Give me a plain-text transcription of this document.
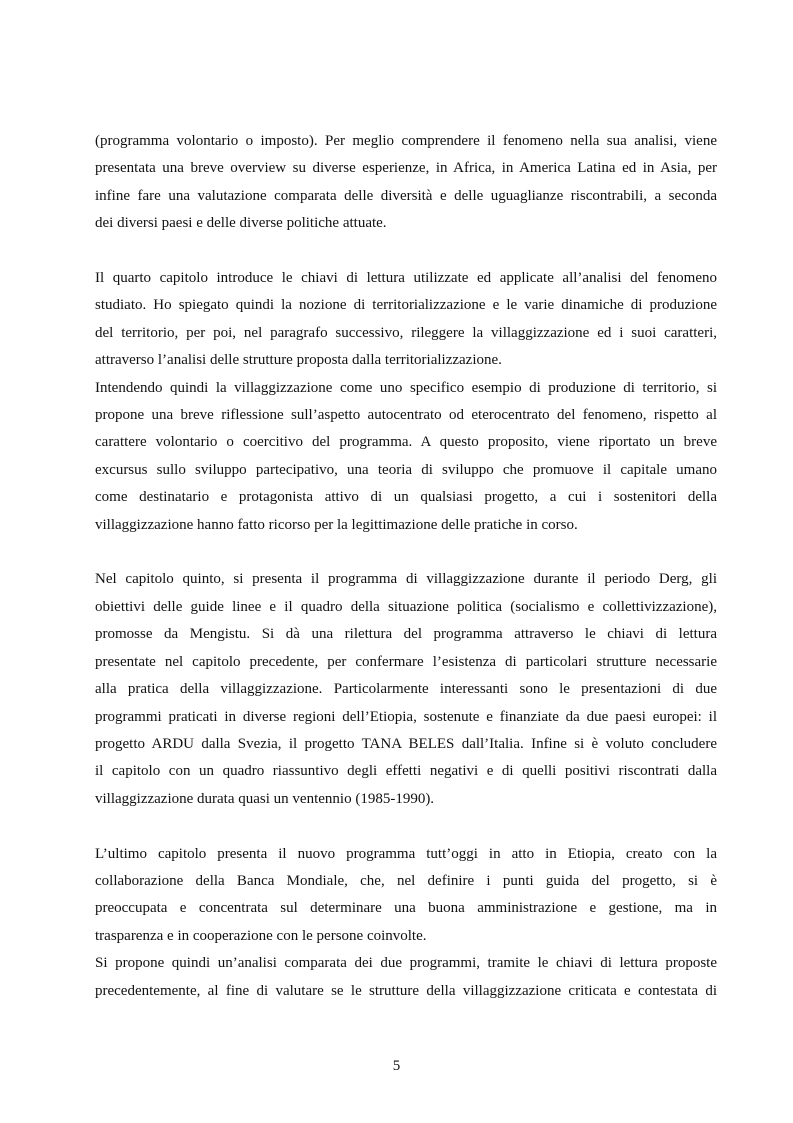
(programma volontario o imposto). Per meglio comprendere il fenomeno nella sua analisi, viene
presentata una breve overview su diverse esperienze, in Africa, in America Latina ed in Asia, per
infine fare una valutazione comparata delle diversità e delle uguaglianze riscontrabili, a seconda
dei diversi paesi e delle diverse politiche attuate.

Il quarto capitolo introduce le chiavi di lettura utilizzate ed applicate all’analisi del fenomeno
studiato. Ho spiegato quindi la nozione di territorializzazione e le varie dinamiche di produzione
del territorio, per poi, nel paragrafo successivo, rileggere la villaggizzazione ed i suoi caratteri,
attraverso l’analisi delle strutture proposta dalla territorializzazione.

Intendendo quindi la villaggizzazione come uno specifico esempio di produzione di territorio, si
propone una breve riflessione sull’aspetto autocentrato od eterocentrato del fenomeno, rispetto al
carattere volontario o coercitivo del programma. A questo proposito, viene riportato un breve
excursus sullo sviluppo partecipativo, una teoria di sviluppo che promuove il capitale umano
come destinatario e protagonista attivo di un qualsiasi progetto, a cui i sostenitori della
villaggizzazione hanno fatto ricorso per la legittimazione delle pratiche in corso.

Nel capitolo quinto, si presenta il programma di villaggizzazione durante il periodo Derg, gli
obiettivi delle guide linee e il quadro della situazione politica (socialismo e collettivizzazione),
promosse da Mengistu. Si dà una rilettura del programma attraverso le chiavi di lettura
presentate nel capitolo precedente, per confermare l’esistenza di particolari strutture necessarie
alla pratica della villaggizzazione. Particolarmente interessanti sono le presentazioni di due
programmi praticati in diverse regioni dell’Etiopia, sostenute e finanziate da due paesi europei: il
progetto ARDU dalla Svezia, il progetto TANA BELES dall’Italia. Infine si è voluto concludere
il capitolo con un quadro riassuntivo degli effetti negativi e di quelli positivi riscontrati dalla
villaggizzazione durata quasi un ventennio (1985-1990).

L’ultimo capitolo presenta il nuovo programma tutt’oggi in atto in Etiopia, creato con la
collaborazione della Banca Mondiale, che, nel definire i punti guida del progetto, si è
preoccupata e concentrata sul determinare una buona amministrazione e gestione, ma in
trasparenza e in cooperazione con le persone coinvolte.

Si propone quindi un’analisi comparata dei due programmi, tramite le chiavi di lettura proposte
precedentemente, al fine di valutare se le strutture della villaggizzazione criticata e contestata di

5
